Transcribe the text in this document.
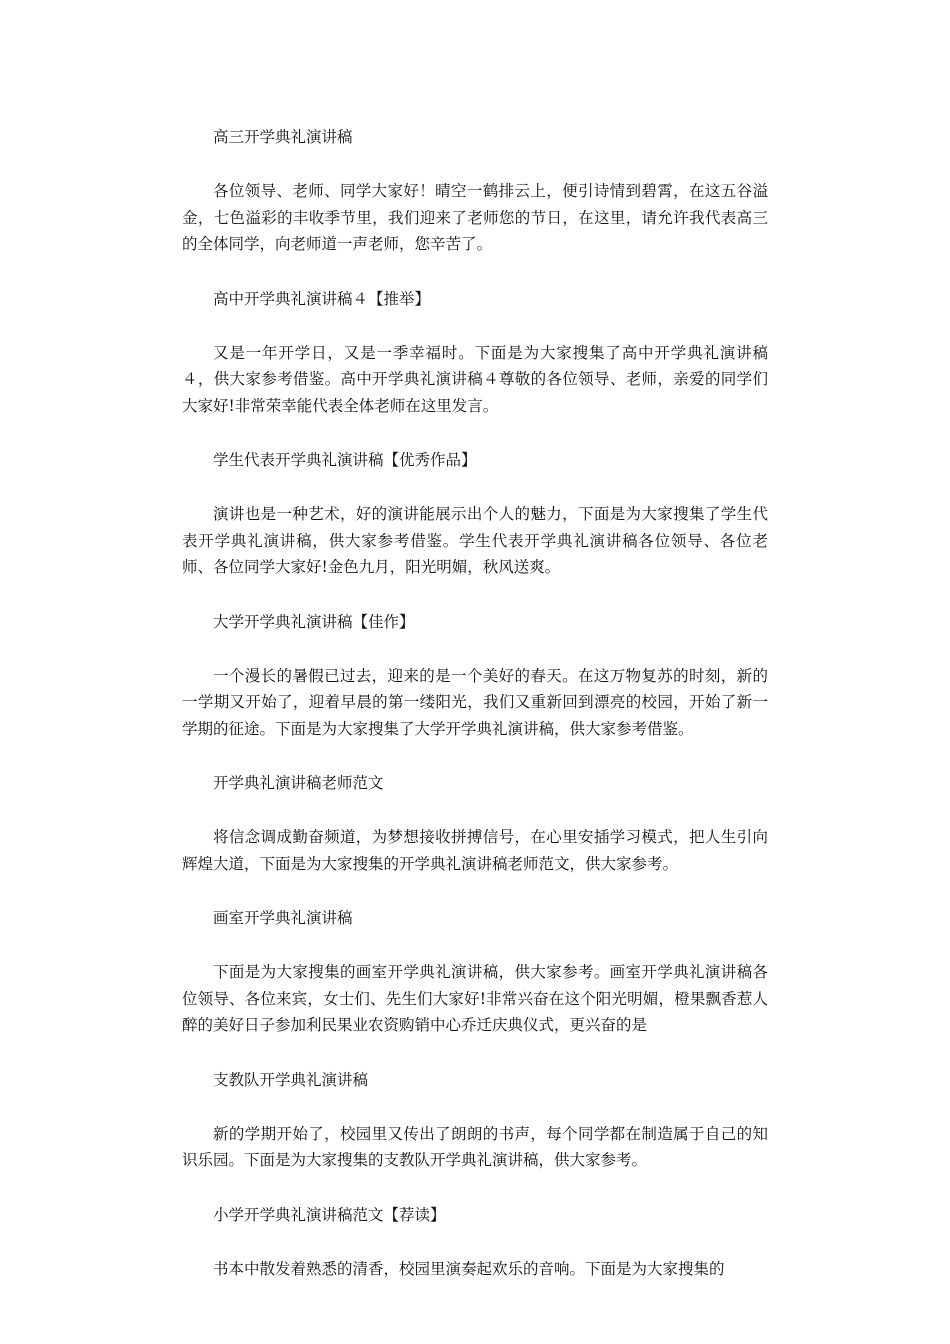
高三开学典礼演讲稿
各位领导、老师、同学大家好！晴空一鹤排云上，便引诗情到碧霄，在这五谷溢金，七色溢彩的丰收季节里，我们迎来了老师您的节日，在这里，请允许我代表高三的全体同学，向老师道一声老师，您辛苦了。
高中开学典礼演讲稿４【推举】
又是一年开学日，又是一季幸福时。下面是为大家搜集了高中开学典礼演讲稿４，供大家参考借鉴。高中开学典礼演讲稿４尊敬的各位领导、老师，亲爱的同学们大家好!非常荣幸能代表全体老师在这里发言。
学生代表开学典礼演讲稿【优秀作品】
演讲也是一种艺术，好的演讲能展示出个人的魅力，下面是为大家搜集了学生代表开学典礼演讲稿，供大家参考借鉴。学生代表开学典礼演讲稿各位领导、各位老师、各位同学大家好!金色九月，阳光明媚，秋风送爽。
大学开学典礼演讲稿【佳作】
一个漫长的暑假已过去，迎来的是一个美好的春天。在这万物复苏的时刻，新的一学期又开始了，迎着早晨的第一缕阳光，我们又重新回到漂亮的校园，开始了新一学期的征途。下面是为大家搜集了大学开学典礼演讲稿，供大家参考借鉴。
开学典礼演讲稿老师范文
将信念调成勤奋频道，为梦想接收拼搏信号，在心里安插学习模式，把人生引向辉煌大道，下面是为大家搜集的开学典礼演讲稿老师范文，供大家参考。
画室开学典礼演讲稿
下面是为大家搜集的画室开学典礼演讲稿，供大家参考。画室开学典礼演讲稿各位领导、各位来宾，女士们、先生们大家好!非常兴奋在这个阳光明媚，橙果飘香惹人醉的美好日子参加利民果业农资购销中心乔迁庆典仪式，更兴奋的是
支教队开学典礼演讲稿
新的学期开始了，校园里又传出了朗朗的书声，每个同学都在制造属于自己的知识乐园。下面是为大家搜集的支教队开学典礼演讲稿，供大家参考。
小学开学典礼演讲稿范文【荐读】
书本中散发着熟悉的清香，校园里演奏起欢乐的音响。下面是为大家搜集的
